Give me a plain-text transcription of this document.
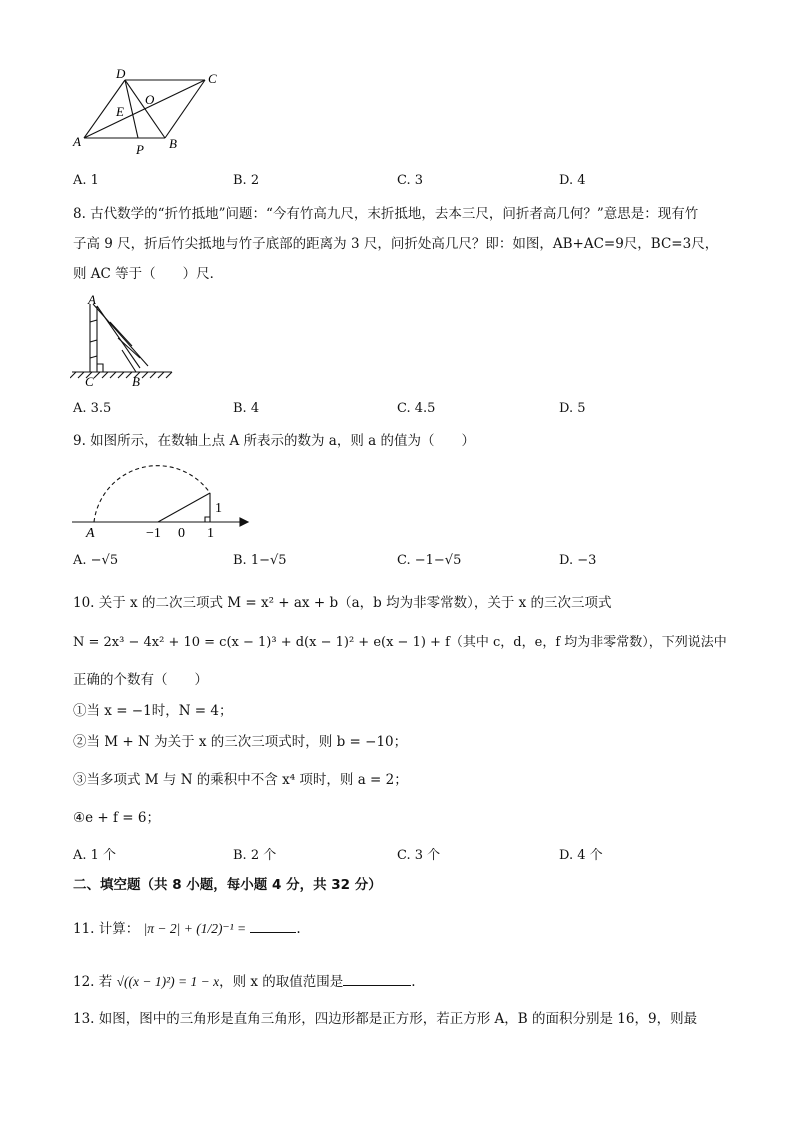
D	C
O
E
A
P B
A. 1	B. 2	C. 3	D. 4
8. 古代数学的“折竹抵地”问题：“今有竹高九尺，末折抵地，去本三尺，问折者高几何？”意思是：现有竹
子高 9 尺，折后竹尖抵地与竹子底部的距离为 3 尺，问折处高几尺？即：如图，AB+AC=9尺，BC=3尺，
则 AC 等于（　　）尺．
A
C	B
A. 3.5	B. 4	C. 4.5	D. 5
9. 如图所示，在数轴上点 A 所表示的数为 a，则 a 的值为（　　）
A	−1 0 1
1
A. −√5	B. 1−√5	C. −1−√5	D. −3
10. 关于 x 的二次三项式 M = x² + ax + b（a，b 均为非零常数），关于 x 的三次三项式
N = 2x³ − 4x² + 10 = c(x − 1)³ + d(x − 1)² + e(x − 1) + f（其中 c，d，e，f 均为非零常数），下列说法中
正确的个数有（　　）
①当 x = −1时，N = 4；
②当 M + N 为关于 x 的三次三项式时，则 b = −10；
③当多项式 M 与 N 的乘积中不含 x⁴ 项时，则 a = 2；
④e + f = 6；
A. 1 个	B. 2 个	C. 3 个	D. 4 个
二、填空题（共 8 小题，每小题 4 分，共 32 分）
11. 计算： |π − 2| + (1/2)⁻¹ =	.
12. 若 √((x − 1)²) = 1 − x，则 x 的取值范围是	.
13. 如图，图中的三角形是直角三角形，四边形都是正方形，若正方形 A，B 的面积分别是 16，9，则最
